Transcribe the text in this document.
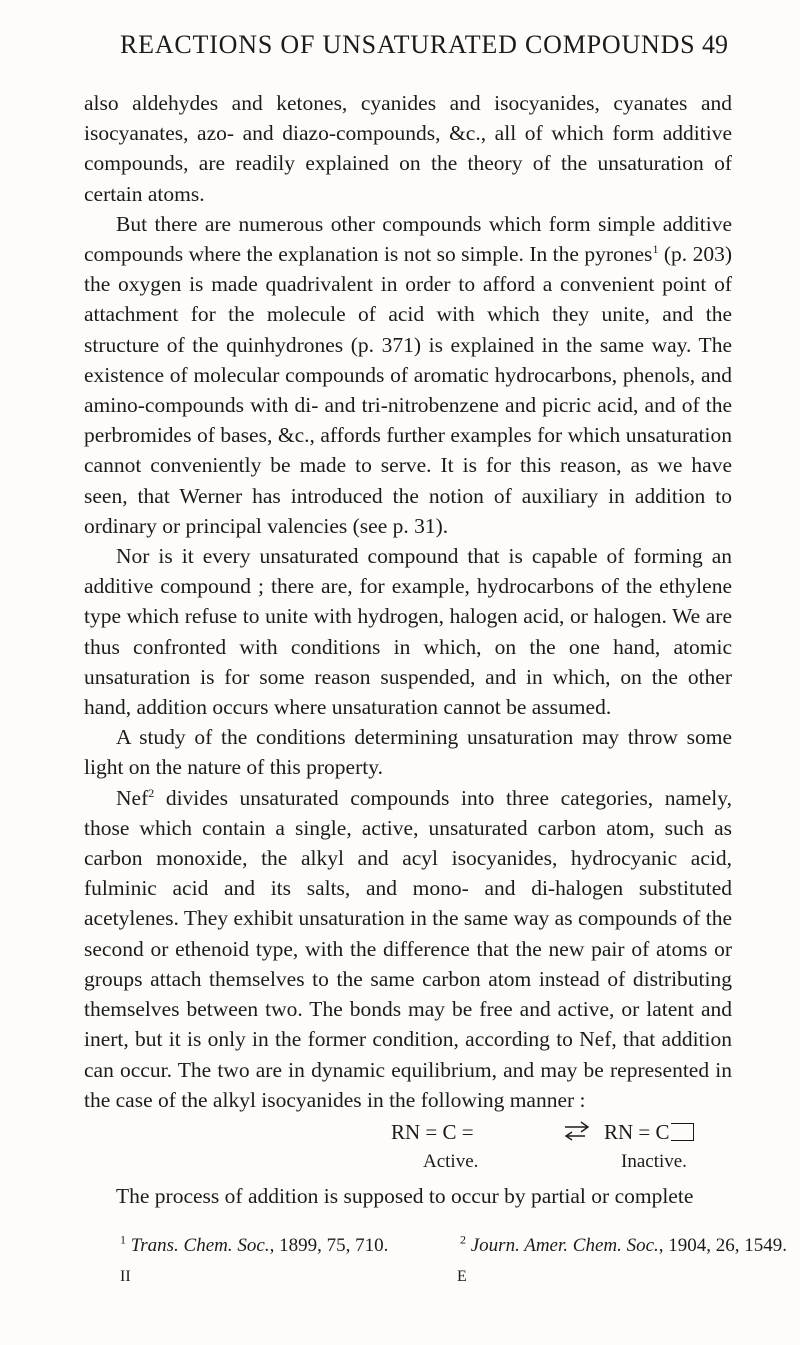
REACTIONS OF UNSATURATED COMPOUNDS 49

also aldehydes and ketones, cyanides and isocyanides, cyanates and isocyanates, azo- and diazo-compounds, &c., all of which form additive compounds, are readily explained on the theory of the unsaturation of certain atoms.

But there are numerous other compounds which form simple additive compounds where the explanation is not so simple. In the pyrones$^1$ (p. 203) the oxygen is made quadrivalent in order to afford a convenient point of attachment for the molecule of acid with which they unite, and the structure of the quinhydrones (p. 371) is explained in the same way. The existence of molecular compounds of aromatic hydrocarbons, phenols, and amino-compounds with di- and tri-nitrobenzene and picric acid, and of the perbromides of bases, &c., affords further examples for which unsaturation cannot conveniently be made to serve. It is for this reason, as we have seen, that Werner has introduced the notion of auxiliary in addition to ordinary or principal valencies (see p. 31).

Nor is it every unsaturated compound that is capable of forming an additive compound ; there are, for example, hydrocarbons of the ethylene type which refuse to unite with hydrogen, halogen acid, or halogen. We are thus confronted with conditions in which, on the one hand, atomic unsaturation is for some reason suspended, and in which, on the other hand, addition occurs where unsaturation cannot be assumed.

A study of the conditions determining unsaturation may throw some light on the nature of this property.

Nef$^2$ divides unsaturated compounds into three categories, namely, those which contain a single, active, unsaturated carbon atom, such as carbon monoxide, the alkyl and acyl isocyanides, hydrocyanic acid, fulminic acid and its salts, and mono- and di-halogen substituted acetylenes. They exhibit unsaturation in the same way as compounds of the second or ethenoid type, with the difference that the new pair of atoms or groups attach themselves to the same carbon atom instead of distributing themselves between two. The bonds may be free and active, or latent and inert, but it is only in the former condition, according to Nef, that addition can occur. The two are in dynamic equilibrium, and may be represented in the case of the alkyl isocyanides in the following manner :

RN = C =	⇌ RN = C
Active.	Inactive.

The process of addition is supposed to occur by partial or complete

$^1$ Trans. Chem. Soc., 1899, 75, 710.	$^2$ Journ. Amer. Chem. Soc., 1904, 26, 1549.
II	E
